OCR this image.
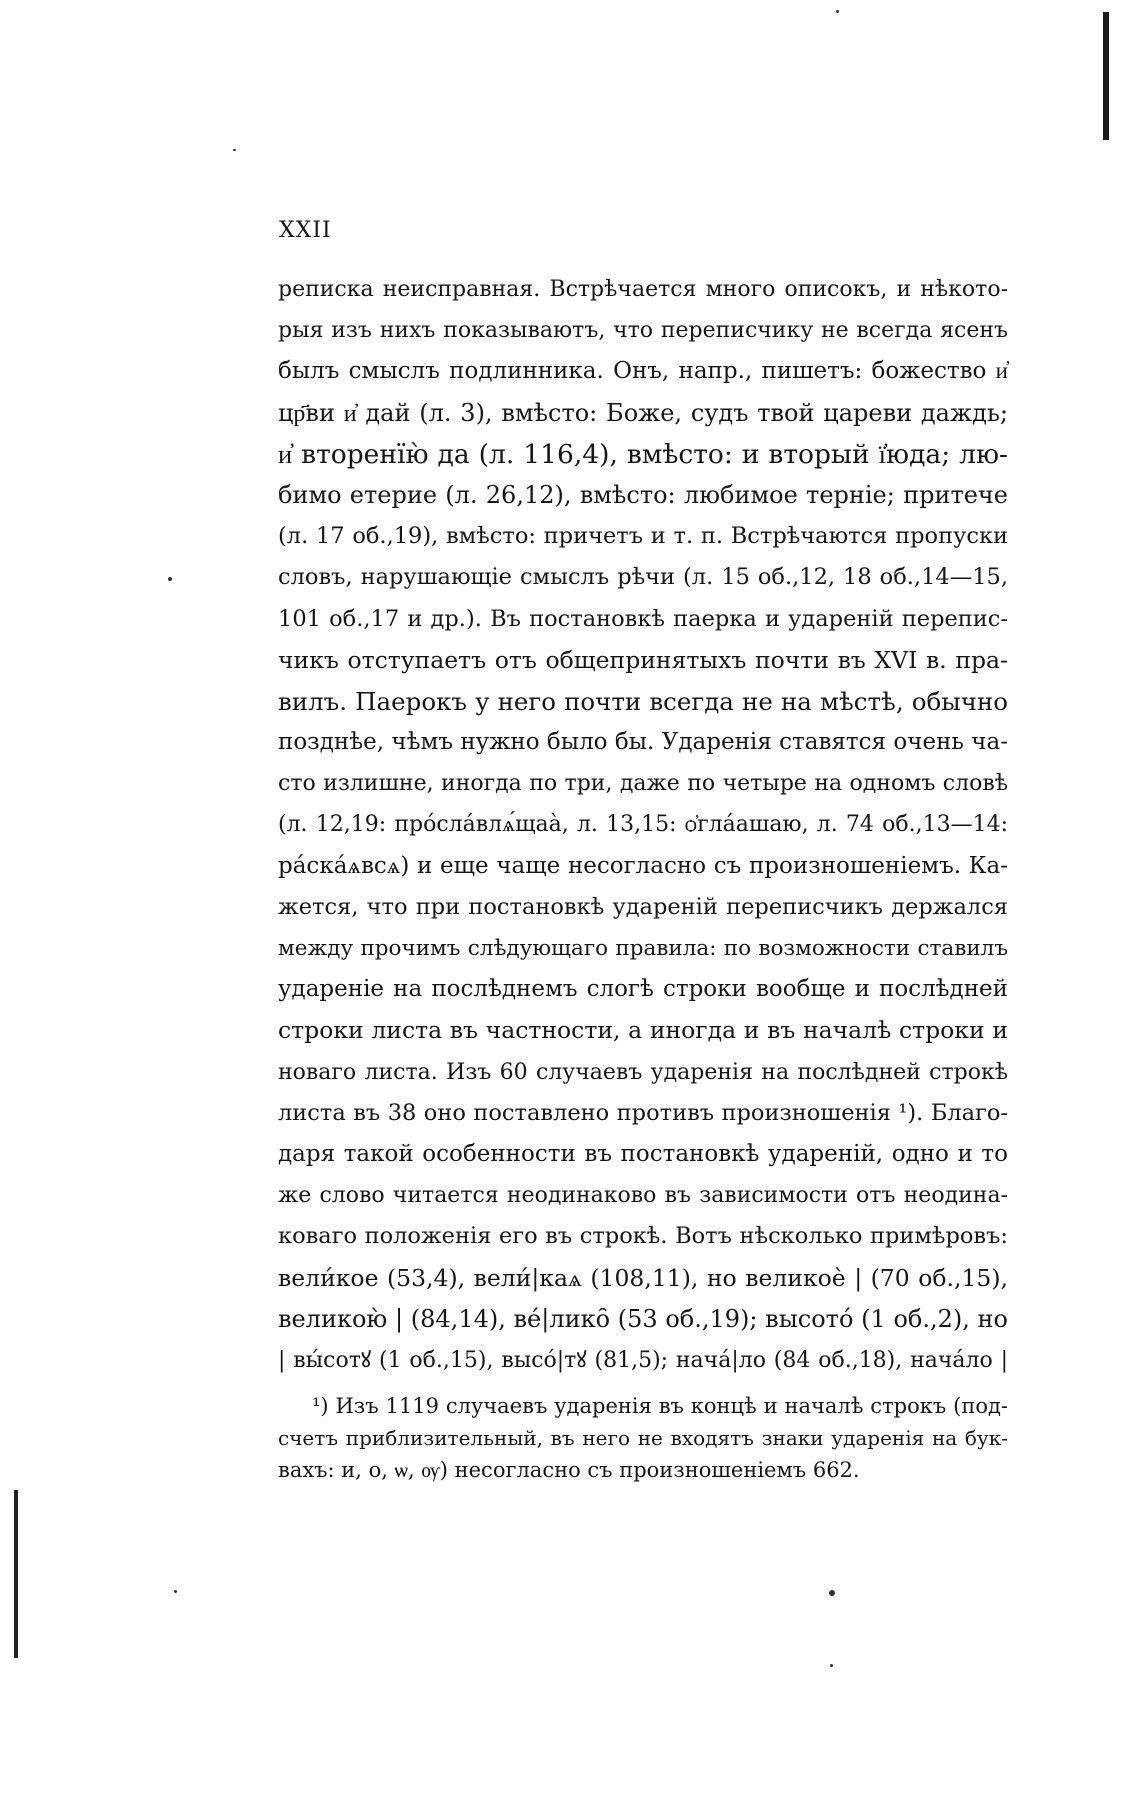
XXII
реписка неисправная. Встрѣчается много описокъ, и нѣкото-
рыя изъ нихъ показываютъ, что переписчику не всегда ясенъ
былъ смыслъ подлинника. Онъ, напр., пишетъ: божество и҆
цр҃ви и҆ дай (л. 3), вмѣсто: Боже, судъ твой цареви даждь;
и҆ вторенїю̀ да (л. 116,4), вмѣсто: и вторый ї҆юда; лю-
бимо етерие (л. 26,12), вмѣсто: любимое терніе; притече
(л. 17 об.,19), вмѣсто: причетъ и т. п. Встрѣчаются пропуски
словъ, нарушающіе смыслъ рѣчи (л. 15 об.,12, 18 об.,14—15,
101 об.,17 и др.). Въ постановкѣ паерка и удареній перепис-
чикъ отступаетъ отъ общепринятыхъ почти въ XVI в. пра-
вилъ. Паерокъ у него почти всегда не на мѣстѣ, обычно
позднѣе, чѣмъ нужно было бы. Ударенія ставятся очень ча-
сто излишне, иногда по три, даже по четыре на одномъ словѣ
(л. 12,19: про́сла́влѧ́щаа̀, л. 13,15: ѻ҆гла́ашаю, л. 74 об.,13—14:
ра́ска́ѧвсѧ) и еще чаще несогласно съ произношеніемъ. Ка-
жется, что при постановкѣ удареній переписчикъ держался
между прочимъ слѣдующаго правила: по возможности ставилъ
удареніе на послѣднемъ слогѣ строки вообще и послѣдней
строки листа въ частности, а иногда и въ началѣ строки и
новаго листа. Изъ 60 случаевъ ударенія на послѣдней строкѣ
листа въ 38 оно поставлено противъ произношенія ¹). Благо-
даря такой особенности въ постановкѣ удареній, одно и то
же слово читается неодинаково въ зависимости отъ неодина-
коваго положенія его въ строкѣ. Вотъ нѣсколько примѣровъ:
вели́кое (53,4), вели́|каѧ (108,11), но великоѐ | (70 об.,15),
великою̀ | (84,14), ве́|лико̑ (53 об.,19); высото́ (1 об.,2), но
| вы́сотꙋ (1 об.,15), высо́|тꙋ (81,5); нача́|ло (84 об.,18), нача́ло |
¹) Изъ 1119 случаевъ ударенія въ концѣ и началѣ строкъ (под-
счетъ приблизительный, въ него не входятъ знаки ударенія на бук-
вахъ: и, о, ѡ, ѹ) несогласно съ произношеніемъ 662.
